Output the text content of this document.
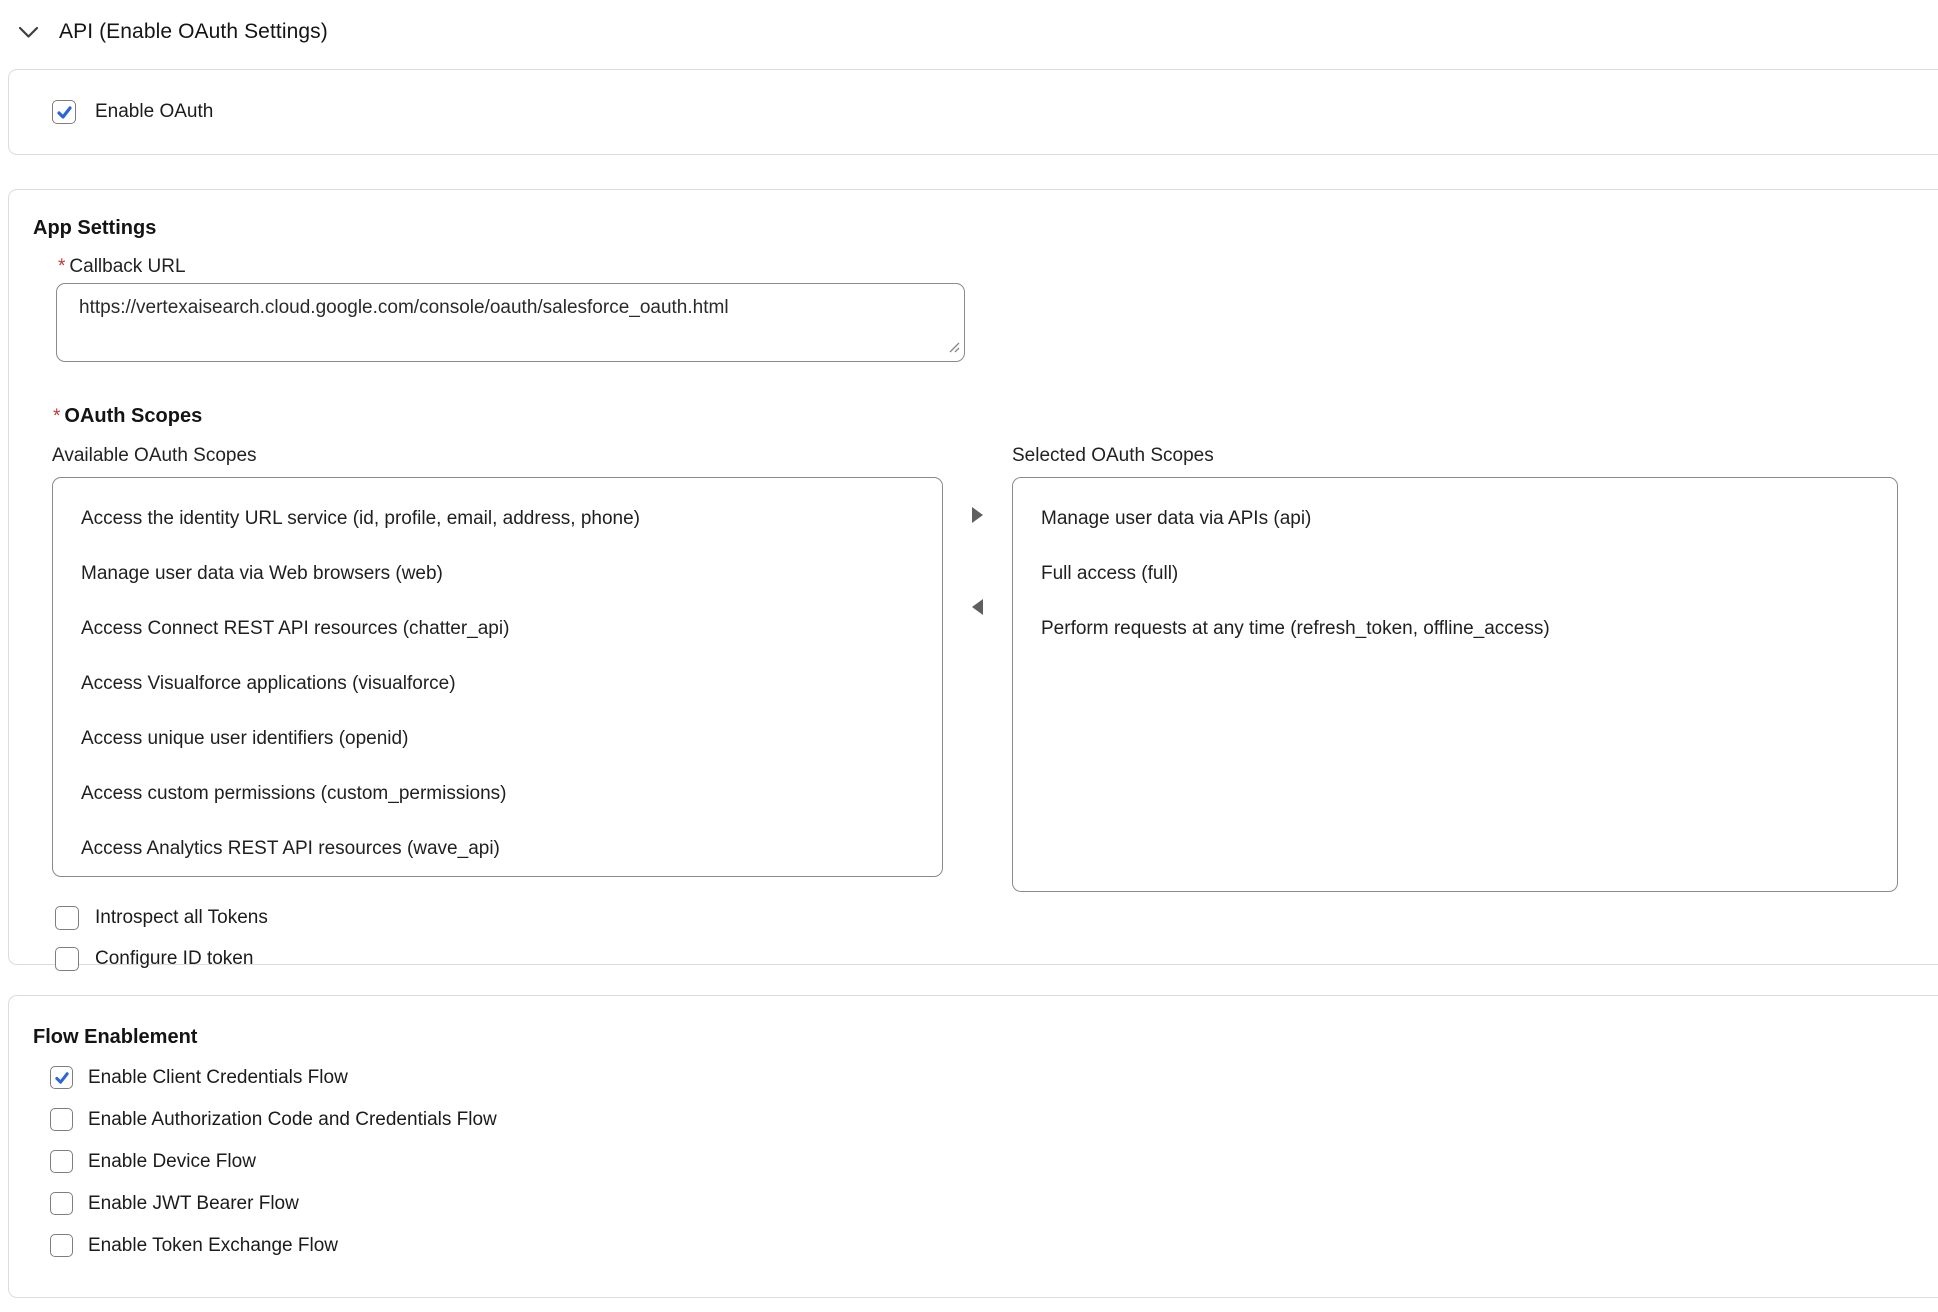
API (Enable OAuth Settings)
Enable OAuth
App Settings
* Callback URL
https://vertexaisearch.cloud.google.com/console/oauth/salesforce_oauth.html
* OAuth Scopes
Available OAuth Scopes
Access the identity URL service (id, profile, email, address, phone)
Manage user data via Web browsers (web)
Access Connect REST API resources (chatter_api)
Access Visualforce applications (visualforce)
Access unique user identifiers (openid)
Access custom permissions (custom_permissions)
Access Analytics REST API resources (wave_api)
Selected OAuth Scopes
Manage user data via APIs (api)
Full access (full)
Perform requests at any time (refresh_token, offline_access)
Introspect all Tokens
Configure ID token
Flow Enablement
Enable Client Credentials Flow
Enable Authorization Code and Credentials Flow
Enable Device Flow
Enable JWT Bearer Flow
Enable Token Exchange Flow
